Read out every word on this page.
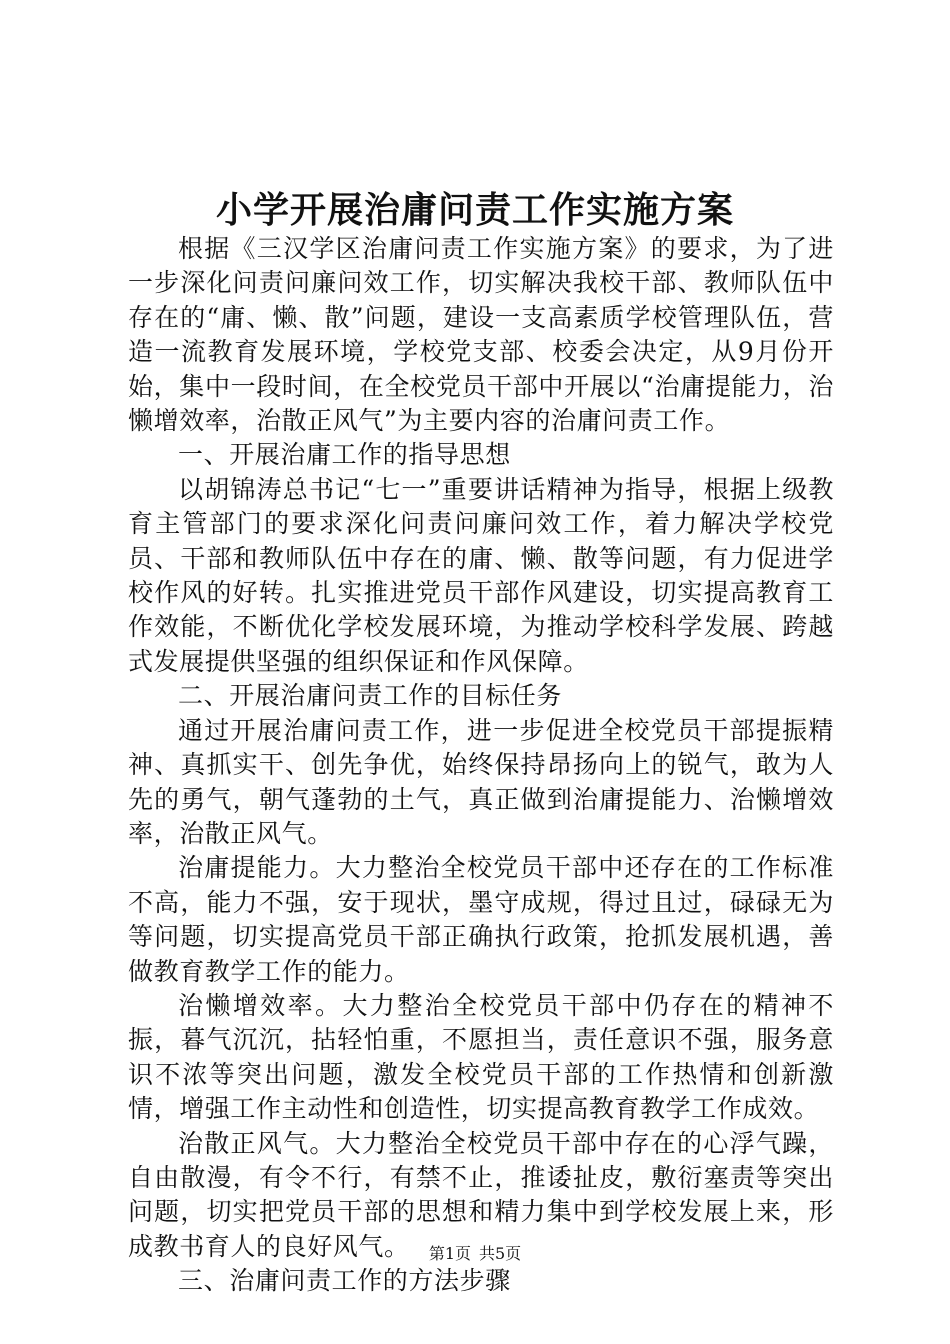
小学开展治庸问责工作实施方案

根据《三汉学区治庸问责工作实施方案》的要求，为了进一步深化问责问廉问效工作，切实解决我校干部、教师队伍中存在的“庸、懒、散”问题，建设一支高素质学校管理队伍，营造一流教育发展环境，学校党支部、校委会决定，从9月份开始，集中一段时间，在全校党员干部中开展以“治庸提能力，治懒增效率，治散正风气”为主要内容的治庸问责工作。

一、开展治庸工作的指导思想

以胡锦涛总书记“七一”重要讲话精神为指导，根据上级教育主管部门的要求深化问责问廉问效工作，着力解决学校党员、干部和教师队伍中存在的庸、懒、散等问题，有力促进学校作风的好转。扎实推进党员干部作风建设，切实提高教育工作效能，不断优化学校发展环境，为推动学校科学发展、跨越式发展提供坚强的组织保证和作风保障。

二、开展治庸问责工作的目标任务

通过开展治庸问责工作，进一步促进全校党员干部提振精神、真抓实干、创先争优，始终保持昂扬向上的锐气，敢为人先的勇气，朝气蓬勃的土气，真正做到治庸提能力、治懒增效率，治散正风气。

治庸提能力。大力整治全校党员干部中还存在的工作标准不高，能力不强，安于现状，墨守成规，得过且过，碌碌无为等问题，切实提高党员干部正确执行政策，抢抓发展机遇，善做教育教学工作的能力。

治懒增效率。大力整治全校党员干部中仍存在的精神不振，暮气沉沉，拈轻怕重，不愿担当，责任意识不强，服务意识不浓等突出问题，激发全校党员干部的工作热情和创新激情，增强工作主动性和创造性，切实提高教育教学工作成效。

治散正风气。大力整治全校党员干部中存在的心浮气躁，自由散漫，有令不行，有禁不止，推诿扯皮，敷衍塞责等突出问题，切实把党员干部的思想和精力集中到学校发展上来，形成教书育人的良好风气。

三、治庸问责工作的方法步骤

第1页 共5页
